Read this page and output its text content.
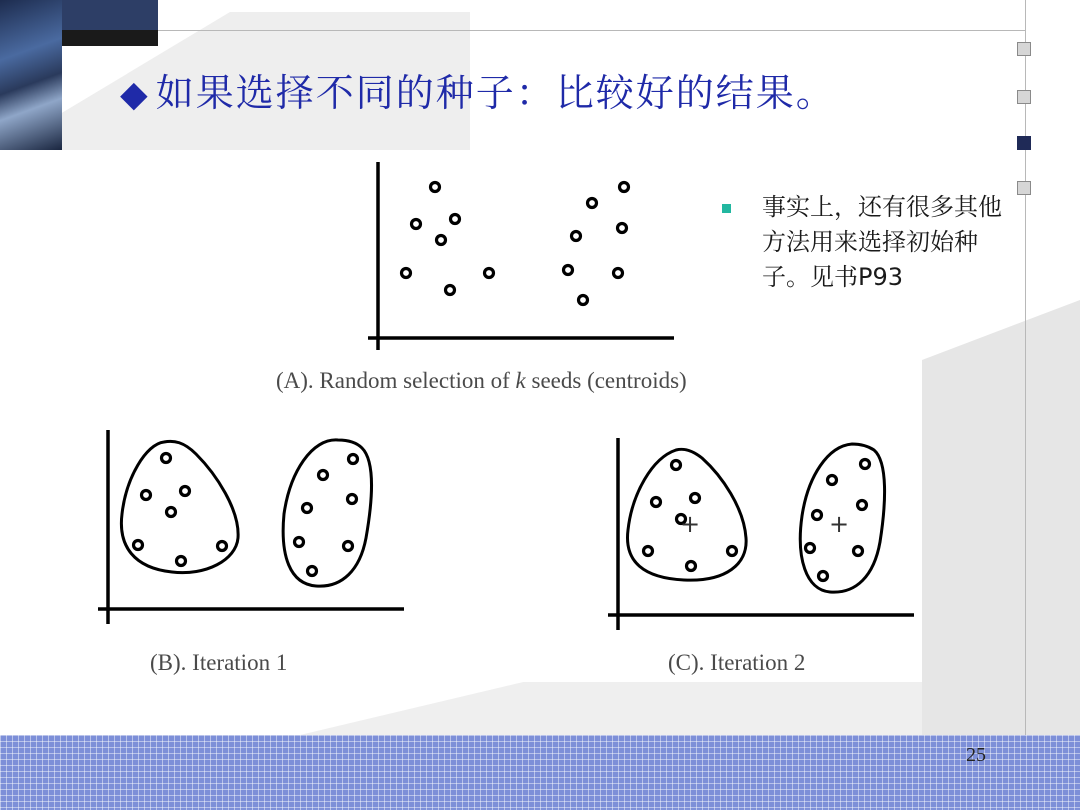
◆ 如果选择不同的种子：比较好的结果。
+	+
(A). Random selection of k seeds (centroids)
(B). Iteration 1	(C). Iteration 2
事实上，还有很多其他方法用来选择初始种子。见书P93
25
